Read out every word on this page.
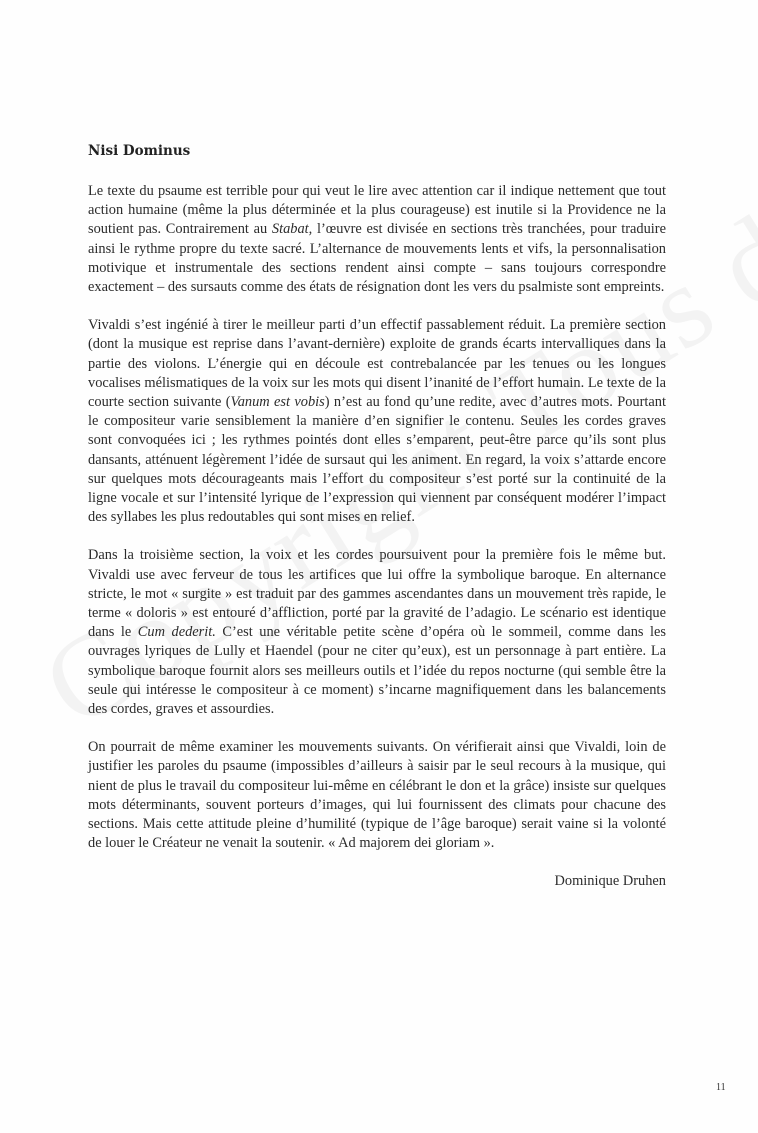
Nisi Dominus

Le texte du psaume est terrible pour qui veut le lire avec attention car il indique nettement que tout action humaine (même la plus déterminée et la plus courageuse) est inutile si la Providence ne la soutient pas. Contrairement au Stabat, l’œuvre est divisée en sections très tranchées, pour traduire ainsi le rythme propre du texte sacré. L’alternance de mouvements lents et vifs, la personnalisation motivique et instrumentale des sections rendent ainsi compte – sans toujours correspondre exactement – des sursauts comme des états de résignation dont les vers du psalmiste sont empreints.

Vivaldi s’est ingénié à tirer le meilleur parti d’un effectif passablement réduit. La première section (dont la musique est reprise dans l’avant-dernière) exploite de grands écarts intervalliques dans la partie des violons. L’énergie qui en découle est contrebalancée par les tenues ou les longues vocalises mélismatiques de la voix sur les mots qui disent l’inanité de l’effort humain. Le texte de la courte section suivante (Vanum est vobis) n’est au fond qu’une redite, avec d’autres mots. Pourtant le compositeur varie sensiblement la manière d’en signifier le contenu. Seules les cordes graves sont convoquées ici ; les rythmes pointés dont elles s’emparent, peut-être parce qu’ils sont plus dansants, atténuent légèrement l’idée de sursaut qui les animent. En regard, la voix s’attarde encore sur quelques mots décourageants mais l’effort du compositeur s’est porté sur la continuité de la ligne vocale et sur l’intensité lyrique de l’expression qui viennent par conséquent modérer l’impact des syllabes les plus redoutables qui sont mises en relief.

Dans la troisième section, la voix et les cordes poursuivent pour la première fois le même but. Vivaldi use avec ferveur de tous les artifices que lui offre la symbolique baroque. En alternance stricte, le mot « surgite » est traduit par des gammes ascendantes dans un mouvement très rapide, le terme « doloris » est entouré d’affliction, porté par la gravité de l’adagio. Le scénario est identique dans le Cum dederit. C’est une véritable petite scène d’opéra où le sommeil, comme dans les ouvrages lyriques de Lully et Haendel (pour ne citer qu’eux), est un personnage à part entière. La symbolique baroque fournit alors ses meilleurs outils et l’idée du repos nocturne (qui semble être la seule qui intéresse le compositeur à ce moment) s’incarne magnifiquement dans les balancements des cordes, graves et assourdies.

On pourrait de même examiner les mouvements suivants. On vérifierait ainsi que Vivaldi, loin de justifier les paroles du psaume (impossibles d’ailleurs à saisir par le seul recours à la musique, qui nient de plus le travail du compositeur lui-même en célébrant le don et la grâce) insiste sur quelques mots déterminants, souvent porteurs d’images, qui lui fournissent des climats pour chacune des sections. Mais cette attitude pleine d’humilité (typique de l’âge baroque) serait vaine si la volonté de louer le Créateur ne venait la soutenir. « Ad majorem dei gloriam ».

Dominique Druhen
11
